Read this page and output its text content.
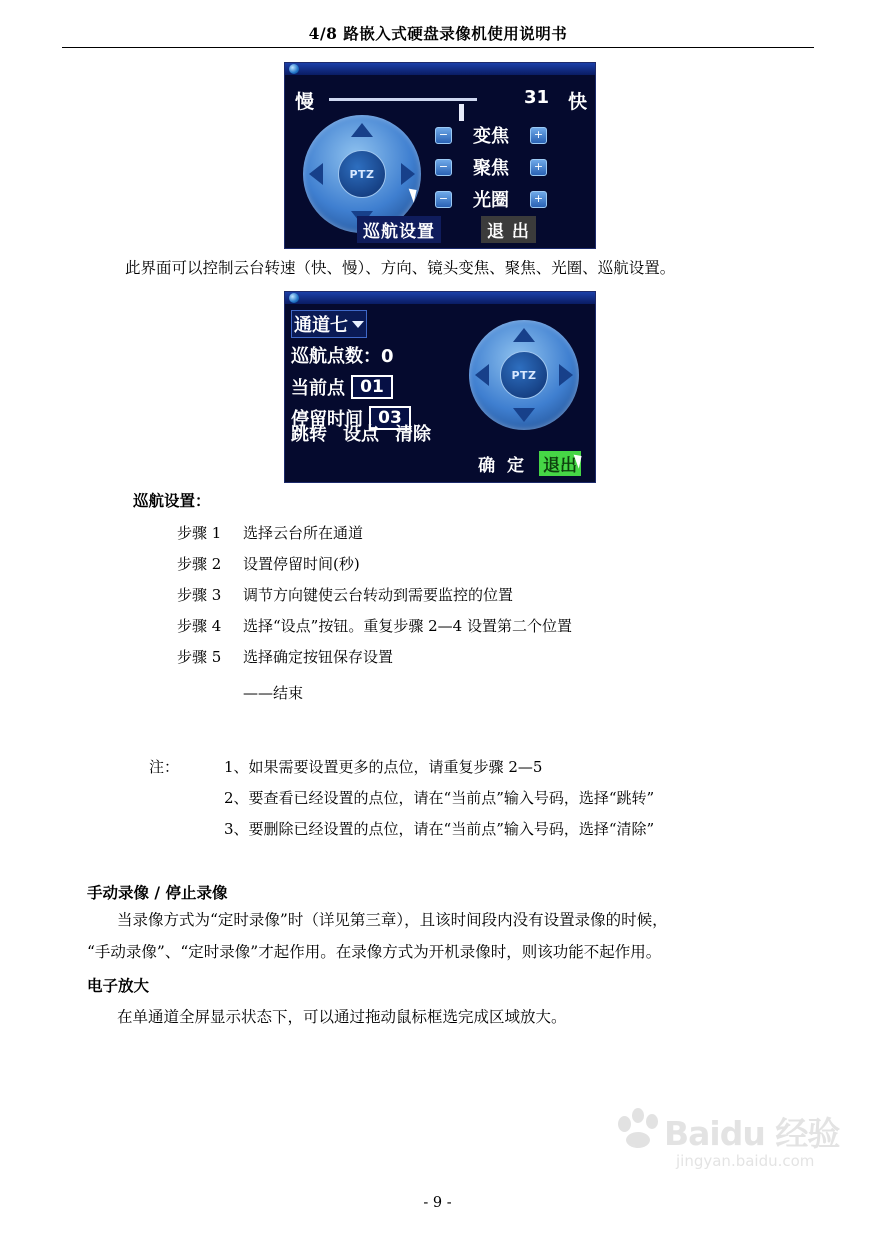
4/8 路嵌入式硬盘录像机使用说明书
慢	31 快
PTZ
−	变焦	+
−	聚焦	+
−	光圈	+
巡航设置	退 出
此界面可以控制云台转速（快、慢）、方向、镜头变焦、聚焦、光圈、巡航设置。
通道七
巡航点数：0
当前点 01
停留时间 03
跳转 设点 清除
PTZ
确 定 退出
巡航设置：
步骤 1 选择云台所在通道
步骤 2 设置停留时间(秒)
步骤 3 调节方向键使云台转动到需要监控的位置
步骤 4 选择“设点”按钮。重复步骤 2—4 设置第二个位置
步骤 5 选择确定按钮保存设置
——结束
注：	1、如果需要设置更多的点位，请重复步骤 2—5
2、要查看已经设置的点位，请在“当前点”输入号码，选择“跳转”
3、要删除已经设置的点位，请在“当前点”输入号码，选择“清除”
手动录像 / 停止录像
当录像方式为“定时录像”时（详见第三章），且该时间段内没有设置录像的时候，
“手动录像”、“定时录像”才起作用。在录像方式为开机录像时，则该功能不起作用。
电子放大
在单通道全屏显示状态下，可以通过拖动鼠标框选完成区域放大。
Baidu 经验
jingyan.baidu.com
- 9 -
